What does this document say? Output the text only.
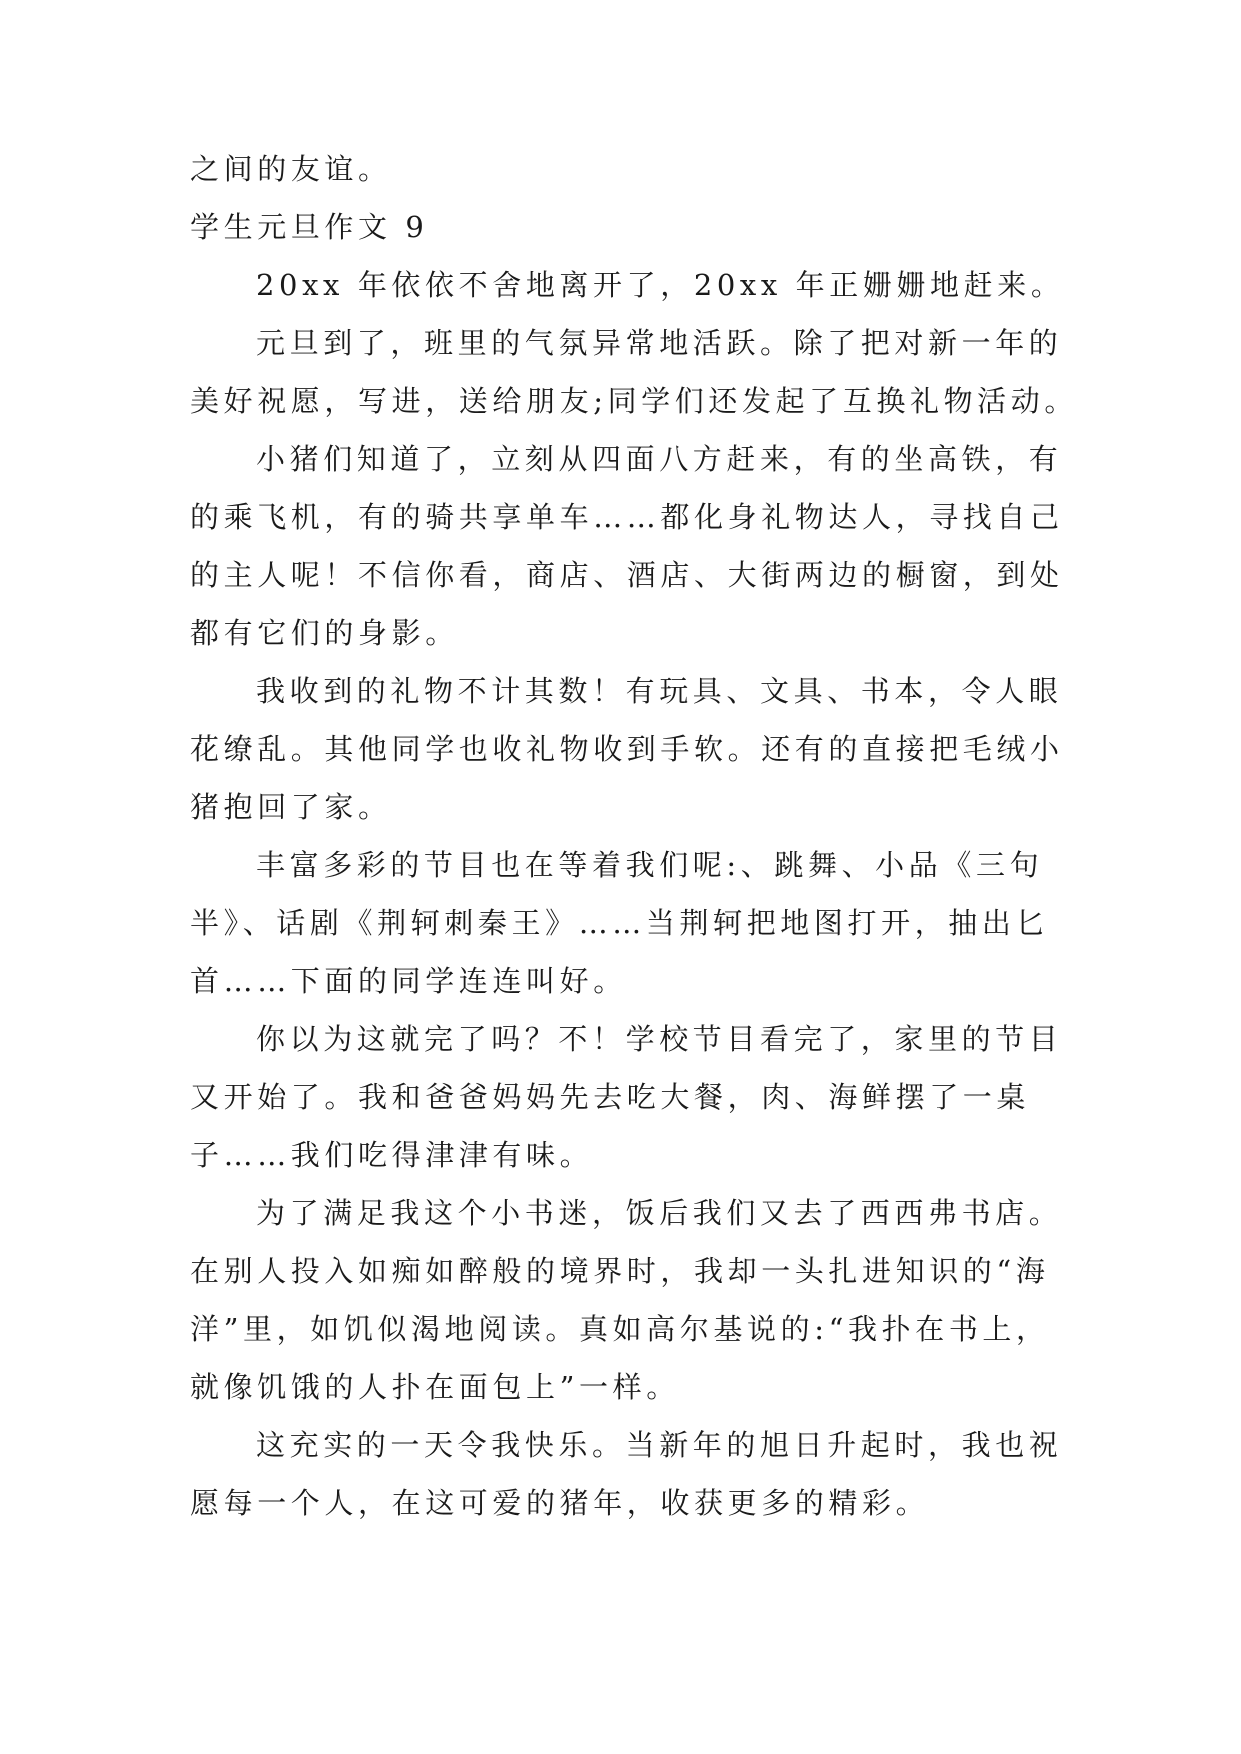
之间的友谊。
学生元旦作文 9
20xx 年依依不舍地离开了，20xx 年正姗姗地赶来。
元旦到了，班里的气氛异常地活跃。除了把对新一年的
美好祝愿，写进，送给朋友;同学们还发起了互换礼物活动。
小猪们知道了，立刻从四面八方赶来，有的坐高铁，有
的乘飞机，有的骑共享单车……都化身礼物达人，寻找自己
的主人呢！不信你看，商店、酒店、大街两边的橱窗，到处
都有它们的身影。
我收到的礼物不计其数！有玩具、文具、书本，令人眼
花缭乱。其他同学也收礼物收到手软。还有的直接把毛绒小
猪抱回了家。
丰富多彩的节目也在等着我们呢:、跳舞、小品《三句
半》、话剧《荆轲刺秦王》……当荆轲把地图打开，抽出匕
首……下面的同学连连叫好。
你以为这就完了吗？不！学校节目看完了，家里的节目
又开始了。我和爸爸妈妈先去吃大餐，肉、海鲜摆了一桌
子……我们吃得津津有味。
为了满足我这个小书迷，饭后我们又去了西西弗书店。
在别人投入如痴如醉般的境界时，我却一头扎进知识的“海
洋”里，如饥似渴地阅读。真如高尔基说的:“我扑在书上，
就像饥饿的人扑在面包上”一样。
这充实的一天令我快乐。当新年的旭日升起时，我也祝
愿每一个人，在这可爱的猪年，收获更多的精彩。
